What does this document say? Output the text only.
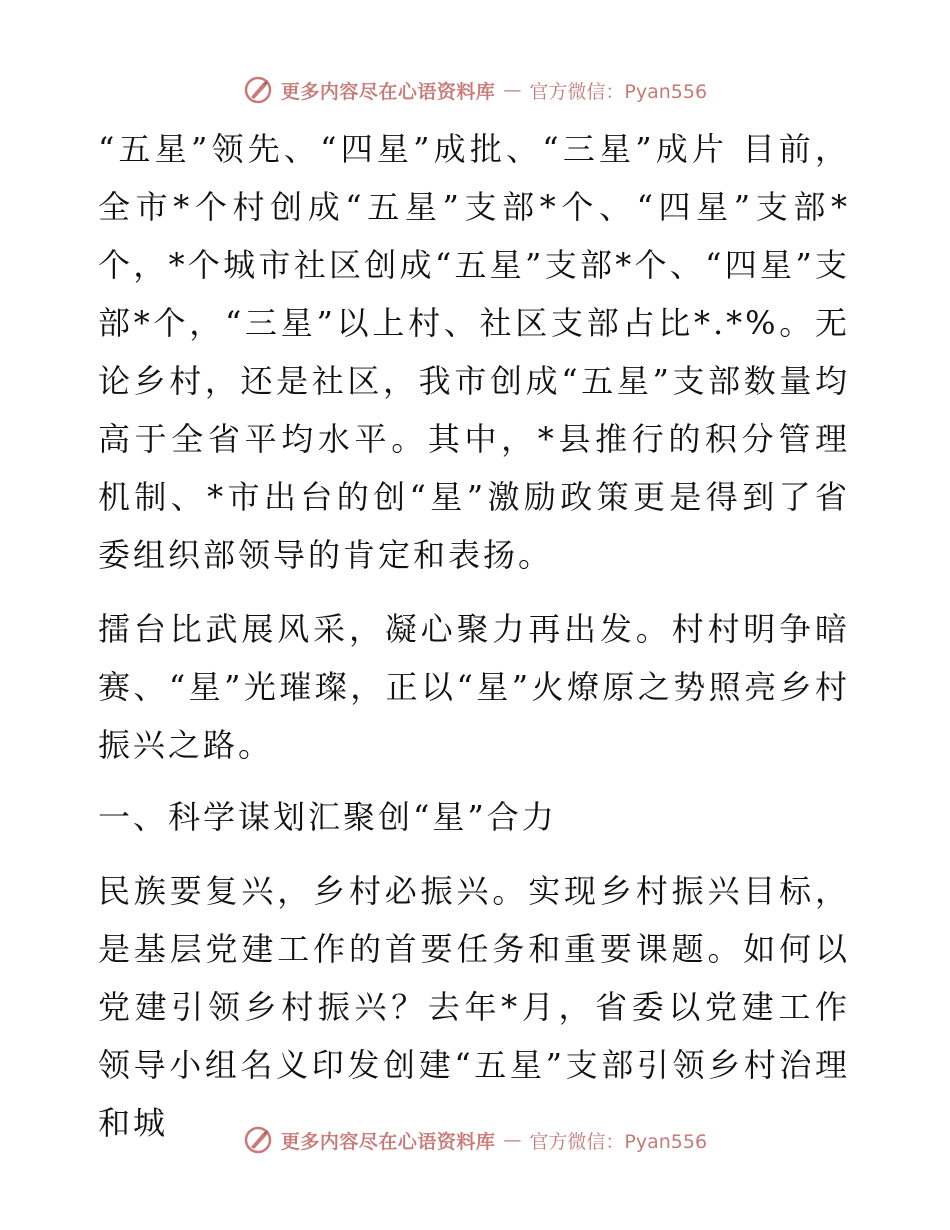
更多内容尽在心语资料库 — 官方微信：Pyan556

“五星”领先、“四星”成批、“三星”成片 目前，全市*个村创成“五星”支部*个、“四星”支部*个，*个城市社区创成“五星”支部*个、“四星”支部*个，“三星”以上村、社区支部占比*.*%。无论乡村，还是社区，我市创成“五星”支部数量均高于全省平均水平。其中，*县推行的积分管理机制、*市出台的创“星”激励政策更是得到了省委组织部领导的肯定和表扬。

擂台比武展风采，凝心聚力再出发。村村明争暗赛、“星”光璀璨，正以“星”火燎原之势照亮乡村振兴之路。

一、科学谋划汇聚创“星”合力

民族要复兴，乡村必振兴。实现乡村振兴目标，是基层党建工作的首要任务和重要课题。如何以党建引领乡村振兴？去年*月，省委以党建工作领导小组名义印发创建“五星”支部引领乡村治理和城	更多内容尽在心语资料库 — 官方微信：Pyan556
